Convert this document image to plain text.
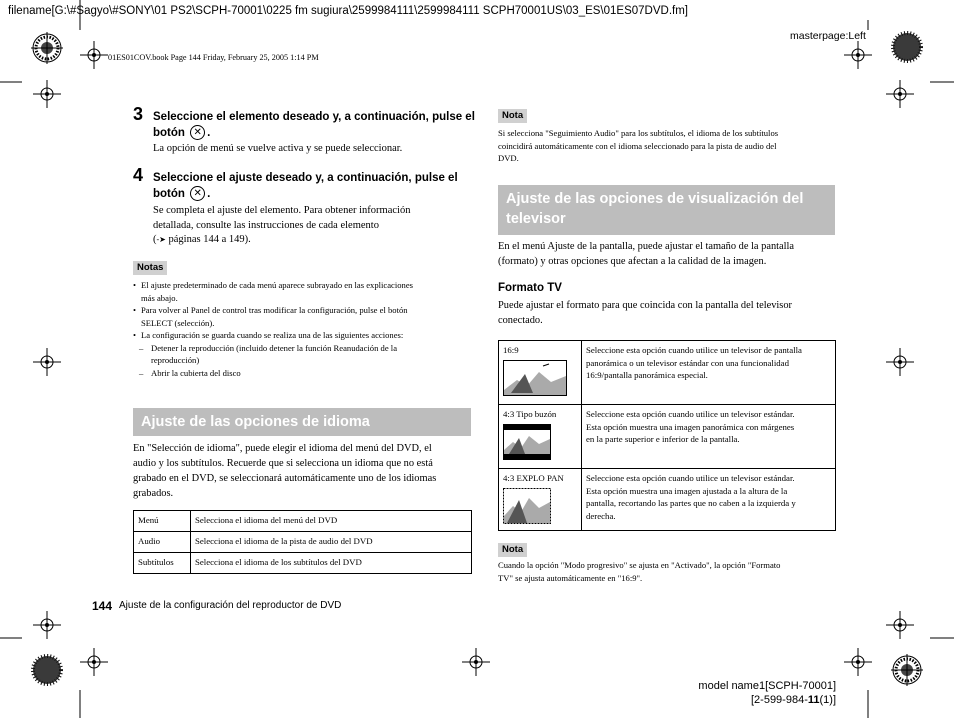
filename[G:\#Sagyo\#SONY\01 PS2\SCPH-70001\0225 fm sugiura\2599984111\2599984111 SCPH70001US\03_ES\01ES07DVD.fm]
masterpage:Left
01ES01COV.book Page 144 Friday, February 25, 2005 1:14 PM
3 Seleccione el elemento deseado y, a continuación, pulse el
botón ✕ .
La opción de menú se vuelve activa y se puede seleccionar.
4 Seleccione el ajuste deseado y, a continuación, pulse el
botón ✕ .
Se completa el ajuste del elemento. Para obtener información
detallada, consulte las instrucciones de cada elemento
(-➤ páginas 144 a 149).
Notas
• El ajuste predeterminado de cada menú aparece subrayado en las explicaciones
más abajo.
• Para volver al Panel de control tras modificar la configuración, pulse el botón
SELECT (selección).
• La configuración se guarda cuando se realiza una de las siguientes acciones:
– Detener la reproducción (incluido detener la función Reanudación de la
reproducción)
– Abrir la cubierta del disco
Ajuste de las opciones de idioma
En "Selección de idioma", puede elegir el idioma del menú del DVD, el
audio y los subtítulos. Recuerde que si selecciona un idioma que no está
grabado en el DVD, se seleccionará automáticamente uno de los idiomas
grabados.
Menú	Selecciona el idioma del menú del DVD
Audio	Selecciona el idioma de la pista de audio del DVD
Subtítulos	Selecciona el idioma de los subtítulos del DVD
144 Ajuste de la configuración del reproductor de DVD
Nota
Si selecciona "Seguimiento Audio" para los subtítulos, el idioma de los subtítulos
coincidirá automáticamente con el idioma seleccionado para la pista de audio del
DVD.
Ajuste de las opciones de visualización del
televisor
En el menú Ajuste de la pantalla, puede ajustar el tamaño de la pantalla
(formato) y otras opciones que afectan a la calidad de la imagen.
Formato TV
Puede ajustar el formato para que coincida con la pantalla del televisor
conectado.
16:9	Seleccione esta opción cuando utilice un televisor de pantalla
panorámica o un televisor estándar con una funcionalidad
16:9/pantalla panorámica especial.

4:3 Tipo buzón	Seleccione esta opción cuando utilice un televisor estándar.
Esta opción muestra una imagen panorámica con márgenes
en la parte superior e inferior de la pantalla.

4:3 EXPLO PAN	Seleccione esta opción cuando utilice un televisor estándar.
Esta opción muestra una imagen ajustada a la altura de la
pantalla, recortando las partes que no caben a la izquierda y
derecha.
Nota
Cuando la opción "Modo progresivo" se ajusta en "Activado", la opción "Formato
TV" se ajusta automáticamente en "16:9".
model name1[SCPH-70001]
[2-599-984-11(1)]
